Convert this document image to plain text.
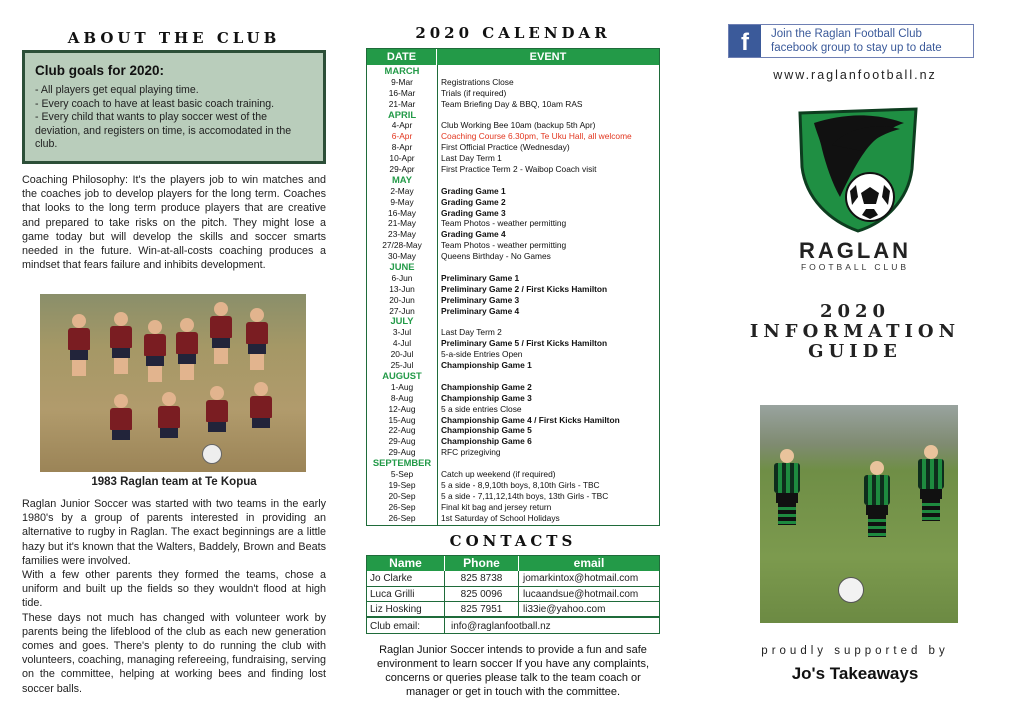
ABOUT THE CLUB
Club goals for 2020:
- All players get equal playing time.
- Every coach to have at least basic coach training.
- Every child that wants to play soccer west of the deviation, and registers on time, is accomodated in the club.
Coaching Philosophy: It's the players job to win matches and the coaches job to develop players for the long term. Coaches that looks to the long term produce players that are creative and prepared to take risks on the pitch. They might lose a game today but will develop the skills and soccer smarts needed in the future. Win-at-all-costs coaching produces a mindset that fears failure and inhibits development.
1983 Raglan team at Te Kopua

Raglan Junior Soccer was started with two teams in the early 1980's by a group of parents interested in providing an alternative to rugby in Raglan. The exact beginnings are a little hazy but it's known that the Walters, Baddely, Brown and Beats families were involved.

With a few other parents they formed the teams, chose a uniform and built up the fields so they wouldn't flood at high tide.

These days not much has changed with volunteer work by parents being the lifeblood of the club as each new generation comes and goes. There's plenty to do running the club with volunteers, coaching, managing refereeing, fundraising, serving on the committee, helping at working bees and finding lost soccer balls.

2020 CALENDAR
DATE	EVENT
MARCH
9-Mar	Registrations Close
16-Mar	Trials (if required)
21-Mar	Team Briefing Day & BBQ, 10am RAS
APRIL
4-Apr	Club Working Bee 10am (backup 5th Apr)
6-Apr	Coaching Course 6.30pm, Te Uku Hall, all welcome
8-Apr	First Official Practice (Wednesday)
10-Apr	Last Day Term 1
29-Apr	First Practice Term 2 - Waibop Coach visit
MAY
2-May	Grading Game 1
9-May	Grading Game 2
16-May	Grading Game 3
21-May	Team Photos - weather permitting
23-May	Grading Game 4
27/28-May	Team Photos - weather permitting
30-May	Queens Birthday - No Games
JUNE
6-Jun	Preliminary Game 1
13-Jun	Preliminary Game 2 / First Kicks Hamilton
20-Jun	Preliminary Game 3
27-Jun	Preliminary Game 4
JULY
3-Jul	Last Day Term 2
4-Jul	Preliminary Game 5 / First Kicks Hamilton
20-Jul	5-a-side Entries Open
25-Jul	Championship Game 1
AUGUST
1-Aug	Championship Game 2
8-Aug	Championship Game 3
12-Aug	5 a side entries Close
15-Aug	Championship Game 4 / First Kicks Hamilton
22-Aug	Championship Game 5
29-Aug	Championship Game 6
29-Aug	RFC prizegiving
SEPTEMBER
5-Sep	Catch up weekend (if required)
19-Sep	5 a side - 8,9,10th boys, 8,10th Girls - TBC
20-Sep	5 a side - 7,11,12,14th boys, 13th Girls - TBC
26-Sep	Final kit bag and jersey return
26-Sep	1st Saturday of School Holidays
CONTACTS
Name	Phone	email
Jo Clarke	825 8738	jomarkintox@hotmail.com
Luca Grilli	825 0096	lucaandsue@hotmail.com
Liz Hosking	825 7951	li33ie@yahoo.com
Club email:	info@raglanfootball.nz
Raglan Junior Soccer intends to provide a fun and safe environment to learn soccer If you have any complaints, concerns or queries please talk to the team coach or manager or get in touch with the committee.
f	Join the Raglan Football Club
facebook group to stay up to date
www.raglanfootball.nz
RAGLAN
FOOTBALL CLUB
2020
INFORMATION
GUIDE
proudly supported by
Jo's Takeaways
